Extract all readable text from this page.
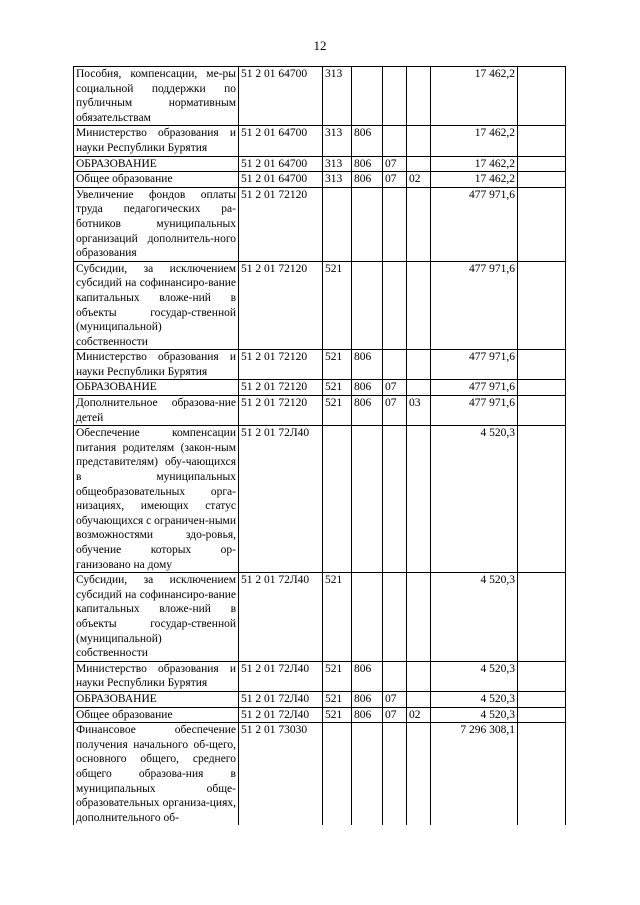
12
Пособия, компенсации, ме-ры социальной поддержки по публичным нормативным обязательствам	51 2 01 64700	313				17 462,2	
Министерство образования и науки Республики Бурятия	51 2 01 64700	313	806			17 462,2	
ОБРАЗОВАНИЕ	51 2 01 64700	313	806	07		17 462,2	
Общее образование	51 2 01 64700	313	806	07	02	17 462,2	
Увеличение фондов оплаты труда педагогических ра-ботников муниципальных организаций дополнитель-ного образования	51 2 01 72120					477 971,6	
Субсидии, за исключением субсидий на софинансиро-вание капитальных вложе-ний в объекты государ-ственной (муниципальной) собственности	51 2 01 72120	521				477 971,6	
Министерство образования и науки Республики Бурятия	51 2 01 72120	521	806			477 971,6	
ОБРАЗОВАНИЕ	51 2 01 72120	521	806	07		477 971,6	
Дополнительное образова-ние детей	51 2 01 72120	521	806	07	03	477 971,6	
Обеспечение компенсации питания родителям (закон-ным представителям) обу-чающихся в муниципальных общеобразовательных орга-низациях, имеющих статус обучающихся с ограничен-ными возможностями здо-ровья, обучение которых ор-ганизовано на дому	51 2 01 72Л40					4 520,3	
Субсидии, за исключением субсидий на софинансиро-вание капитальных вложе-ний в объекты государ-ственной (муниципальной) собственности	51 2 01 72Л40	521				4 520,3	
Министерство образования и науки Республики Бурятия	51 2 01 72Л40	521	806			4 520,3	
ОБРАЗОВАНИЕ	51 2 01 72Л40	521	806	07		4 520,3	
Общее образование	51 2 01 72Л40	521	806	07	02	4 520,3	
Финансовое обеспечение получения начального об-щего, основного общего, среднего общего образова-ния в муниципальных обще-образовательных организа-циях, дополнительного об-	51 2 01 73030					7 296 308,1	
